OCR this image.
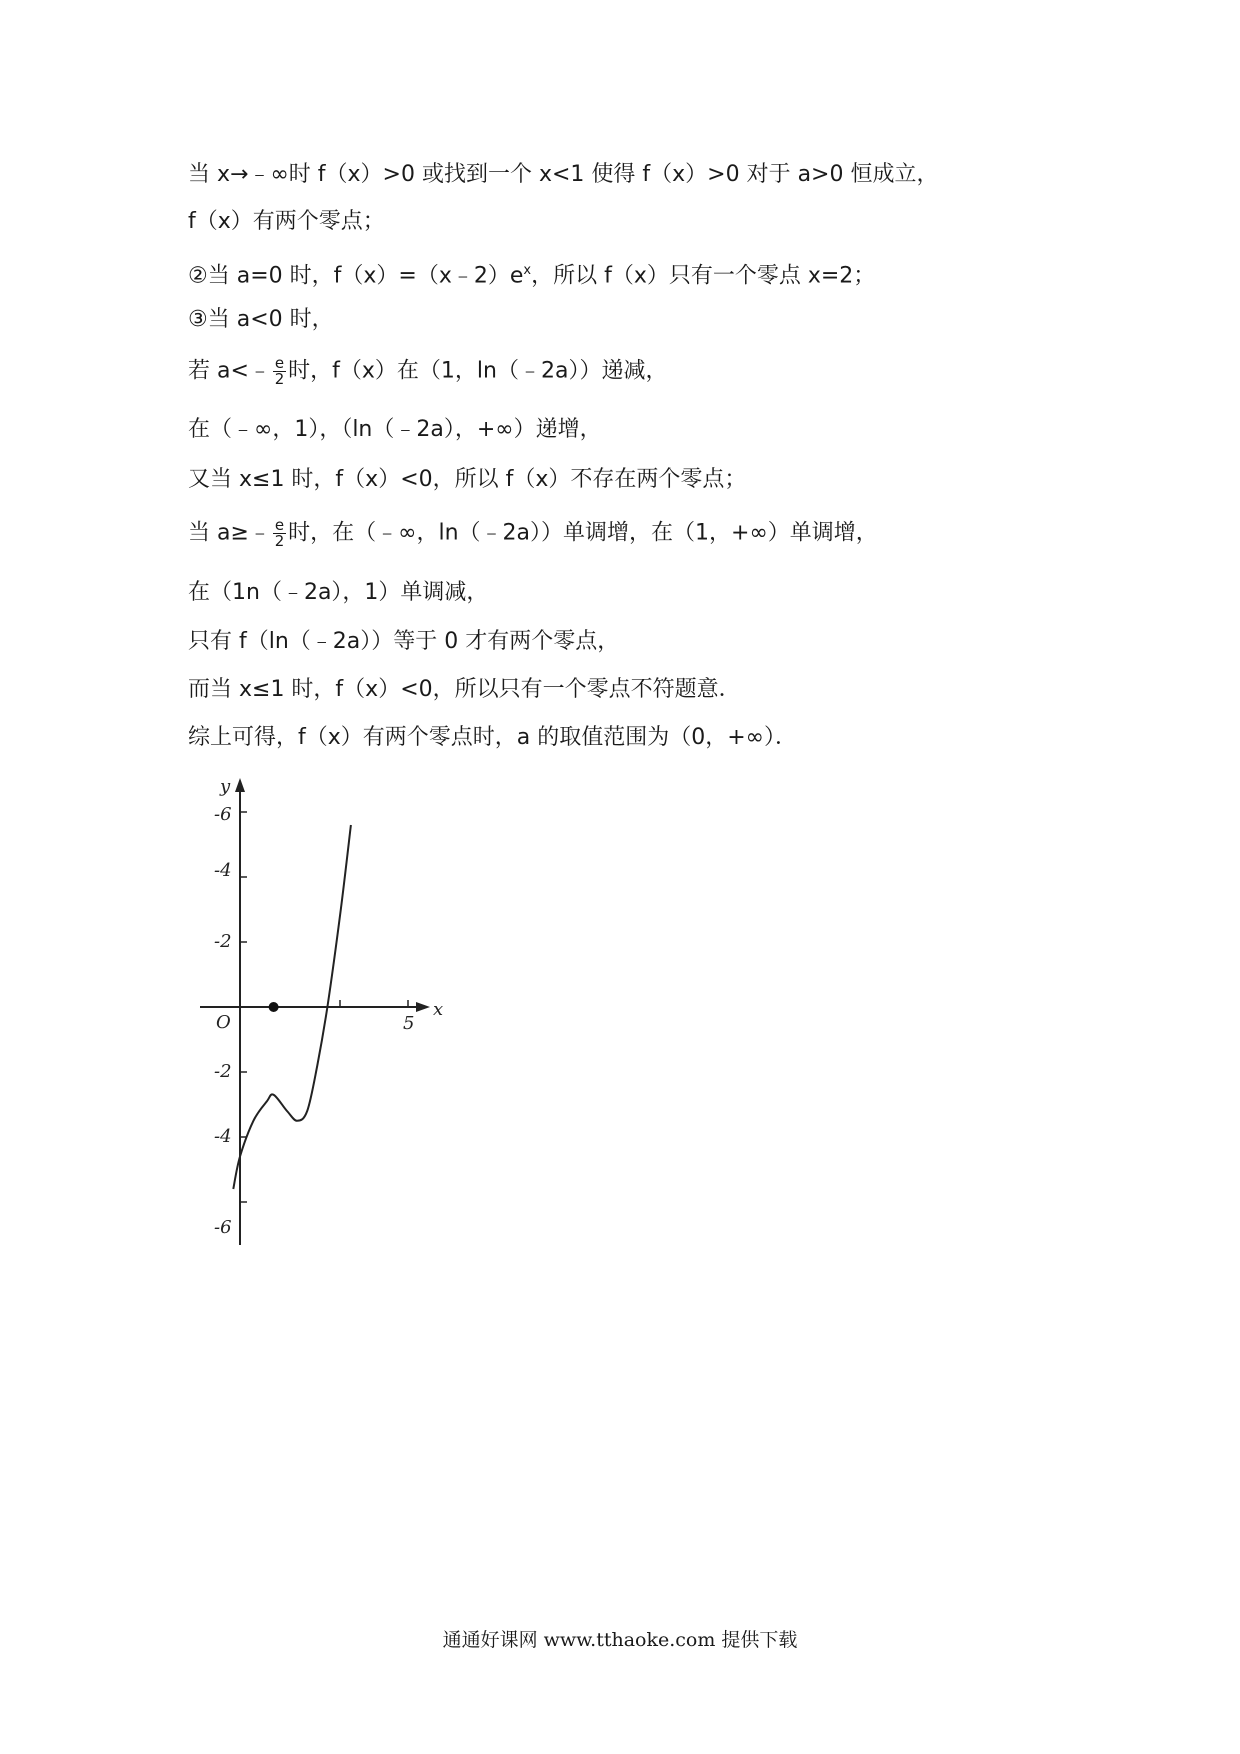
当 x→﹣∞时 f（x）>0 或找到一个 x<1 使得 f（x）>0 对于 a>0 恒成立，
f（x）有两个零点；
②当 a=0 时，$f(x)=(x﹣2)e^x$，所以 f（x）只有一个零点 x=2；
③当 a<0 时，
若 a<﹣ $\frac{e}{2}$ 时，f（x）在（1，ln（﹣2a））递减，
在（﹣∞，1），（ln（﹣2a），+∞）递增，
又当 x≤1 时，f（x）<0，所以 f（x）不存在两个零点；
当 a≥﹣ $\frac{e}{2}$ 时，在（﹣∞，ln（﹣2a））单调增，在（1，+∞）单调增，
在（1n（﹣2a），1）单调减，
只有 f（ln（﹣2a））等于 0 才有两个零点，
而当 x≤1 时，f（x）<0，所以只有一个零点不符题意．
综上可得，f（x）有两个零点时，a 的取值范围为（0，+∞）．
y
x
O	5
-6
-4
-2
-2
-4
-6
通通好课网 www.tthaoke.com 提供下载
